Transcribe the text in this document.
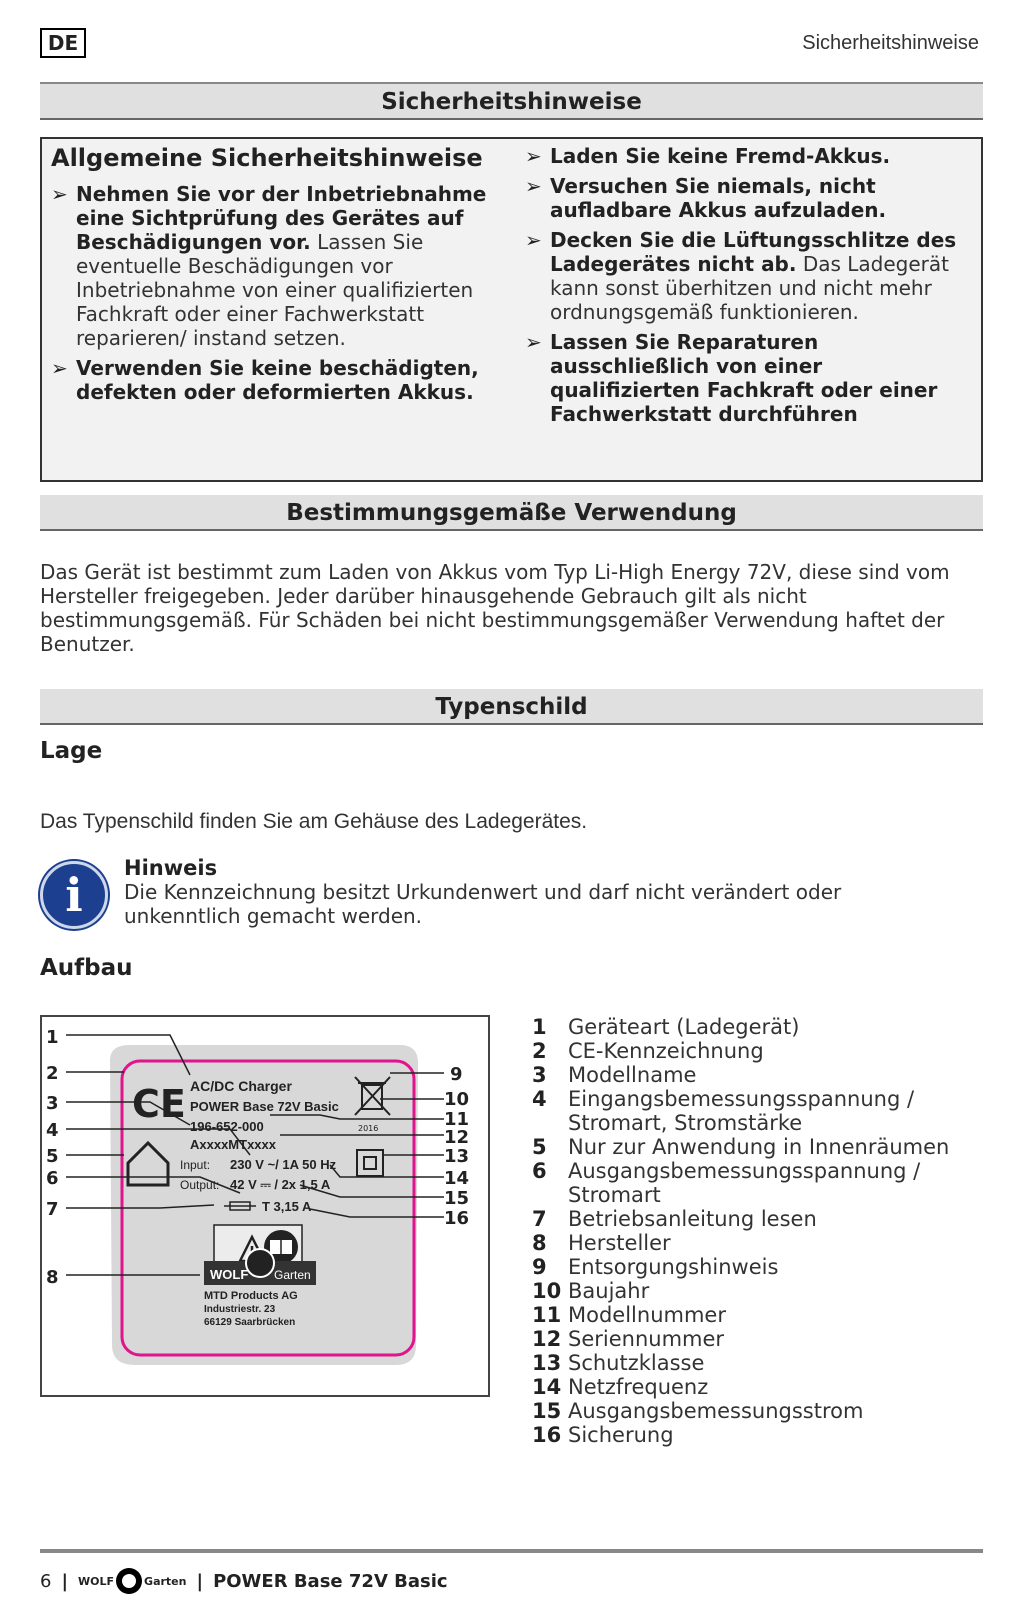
DE	Sicherheitshinweise
Sicherheitshinweise
Allgemeine Sicherheitshinweise
➢ Nehmen Sie vor der Inbetriebnahme eine Sichtprüfung des Gerätes auf Beschädigungen vor. Lassen Sie eventuelle Beschädigungen vor Inbetriebnahme von einer qualifizierten Fachkraft oder einer Fachwerkstatt reparieren/ instand setzen.
➢ Verwenden Sie keine beschädigten, defekten oder deformierten Akkus.
➢ Laden Sie keine Fremd-Akkus.
➢ Versuchen Sie niemals, nicht aufladbare Akkus aufzuladen.
➢ Decken Sie die Lüftungsschlitze des Ladegerätes nicht ab. Das Ladegerät kann sonst überhitzen und nicht mehr ordnungsgemäß funktionieren.
➢ Lassen Sie Reparaturen ausschließlich von einer qualifizierten Fachkraft oder einer Fachwerkstatt durchführen
Bestimmungsgemäße Verwendung
Das Gerät ist bestimmt zum Laden von Akkus vom Typ Li-High Energy 72V, diese sind vom Hersteller freigegeben. Jeder darüber hinausgehende Gebrauch gilt als nicht bestimmungsgemäß. Für Schäden bei nicht bestimmungsgemäßer Verwendung haftet der Benutzer.
Typenschild
Lage
Das Typenschild finden Sie am Gehäuse des Ladegerätes.
i	Hinweis
Die Kennzeichnung besitzt Urkundenwert und darf nicht verändert oder unkenntlich gemacht werden.
Aufbau
CE AC/DC Charger
POWER Base 72V Basic
196-652-000
AxxxxMTxxxx
2016
Input: 230 V ~/ 1A 50 Hz
Output: 42 V ⎓ / 2x 1,5 A
T 3,15 A
WOLF Garten
MTD Products AG
Industriestr. 23
66129 Saarbrücken
1
2
3
4
5
6
7
8
9
10
11
12
13
14
15
16
1	Geräteart (Ladegerät)
2	CE-Kennzeichnung
3	Modellname
4	Eingangsbemessungsspannung / Stromart, Stromstärke
5	Nur zur Anwendung in Innenräumen
6	Ausgangsbemessungsspannung / Stromart
7	Betriebsanleitung lesen
8	Hersteller
9	Entsorgungshinweis
10 Baujahr
11 Modellnummer
12 Seriennummer
13 Schutzklasse
14 Netzfrequenz
15 Ausgangsbemessungsstrom
16 Sicherung
6 | WOLF	Garten | POWER Base 72V Basic
